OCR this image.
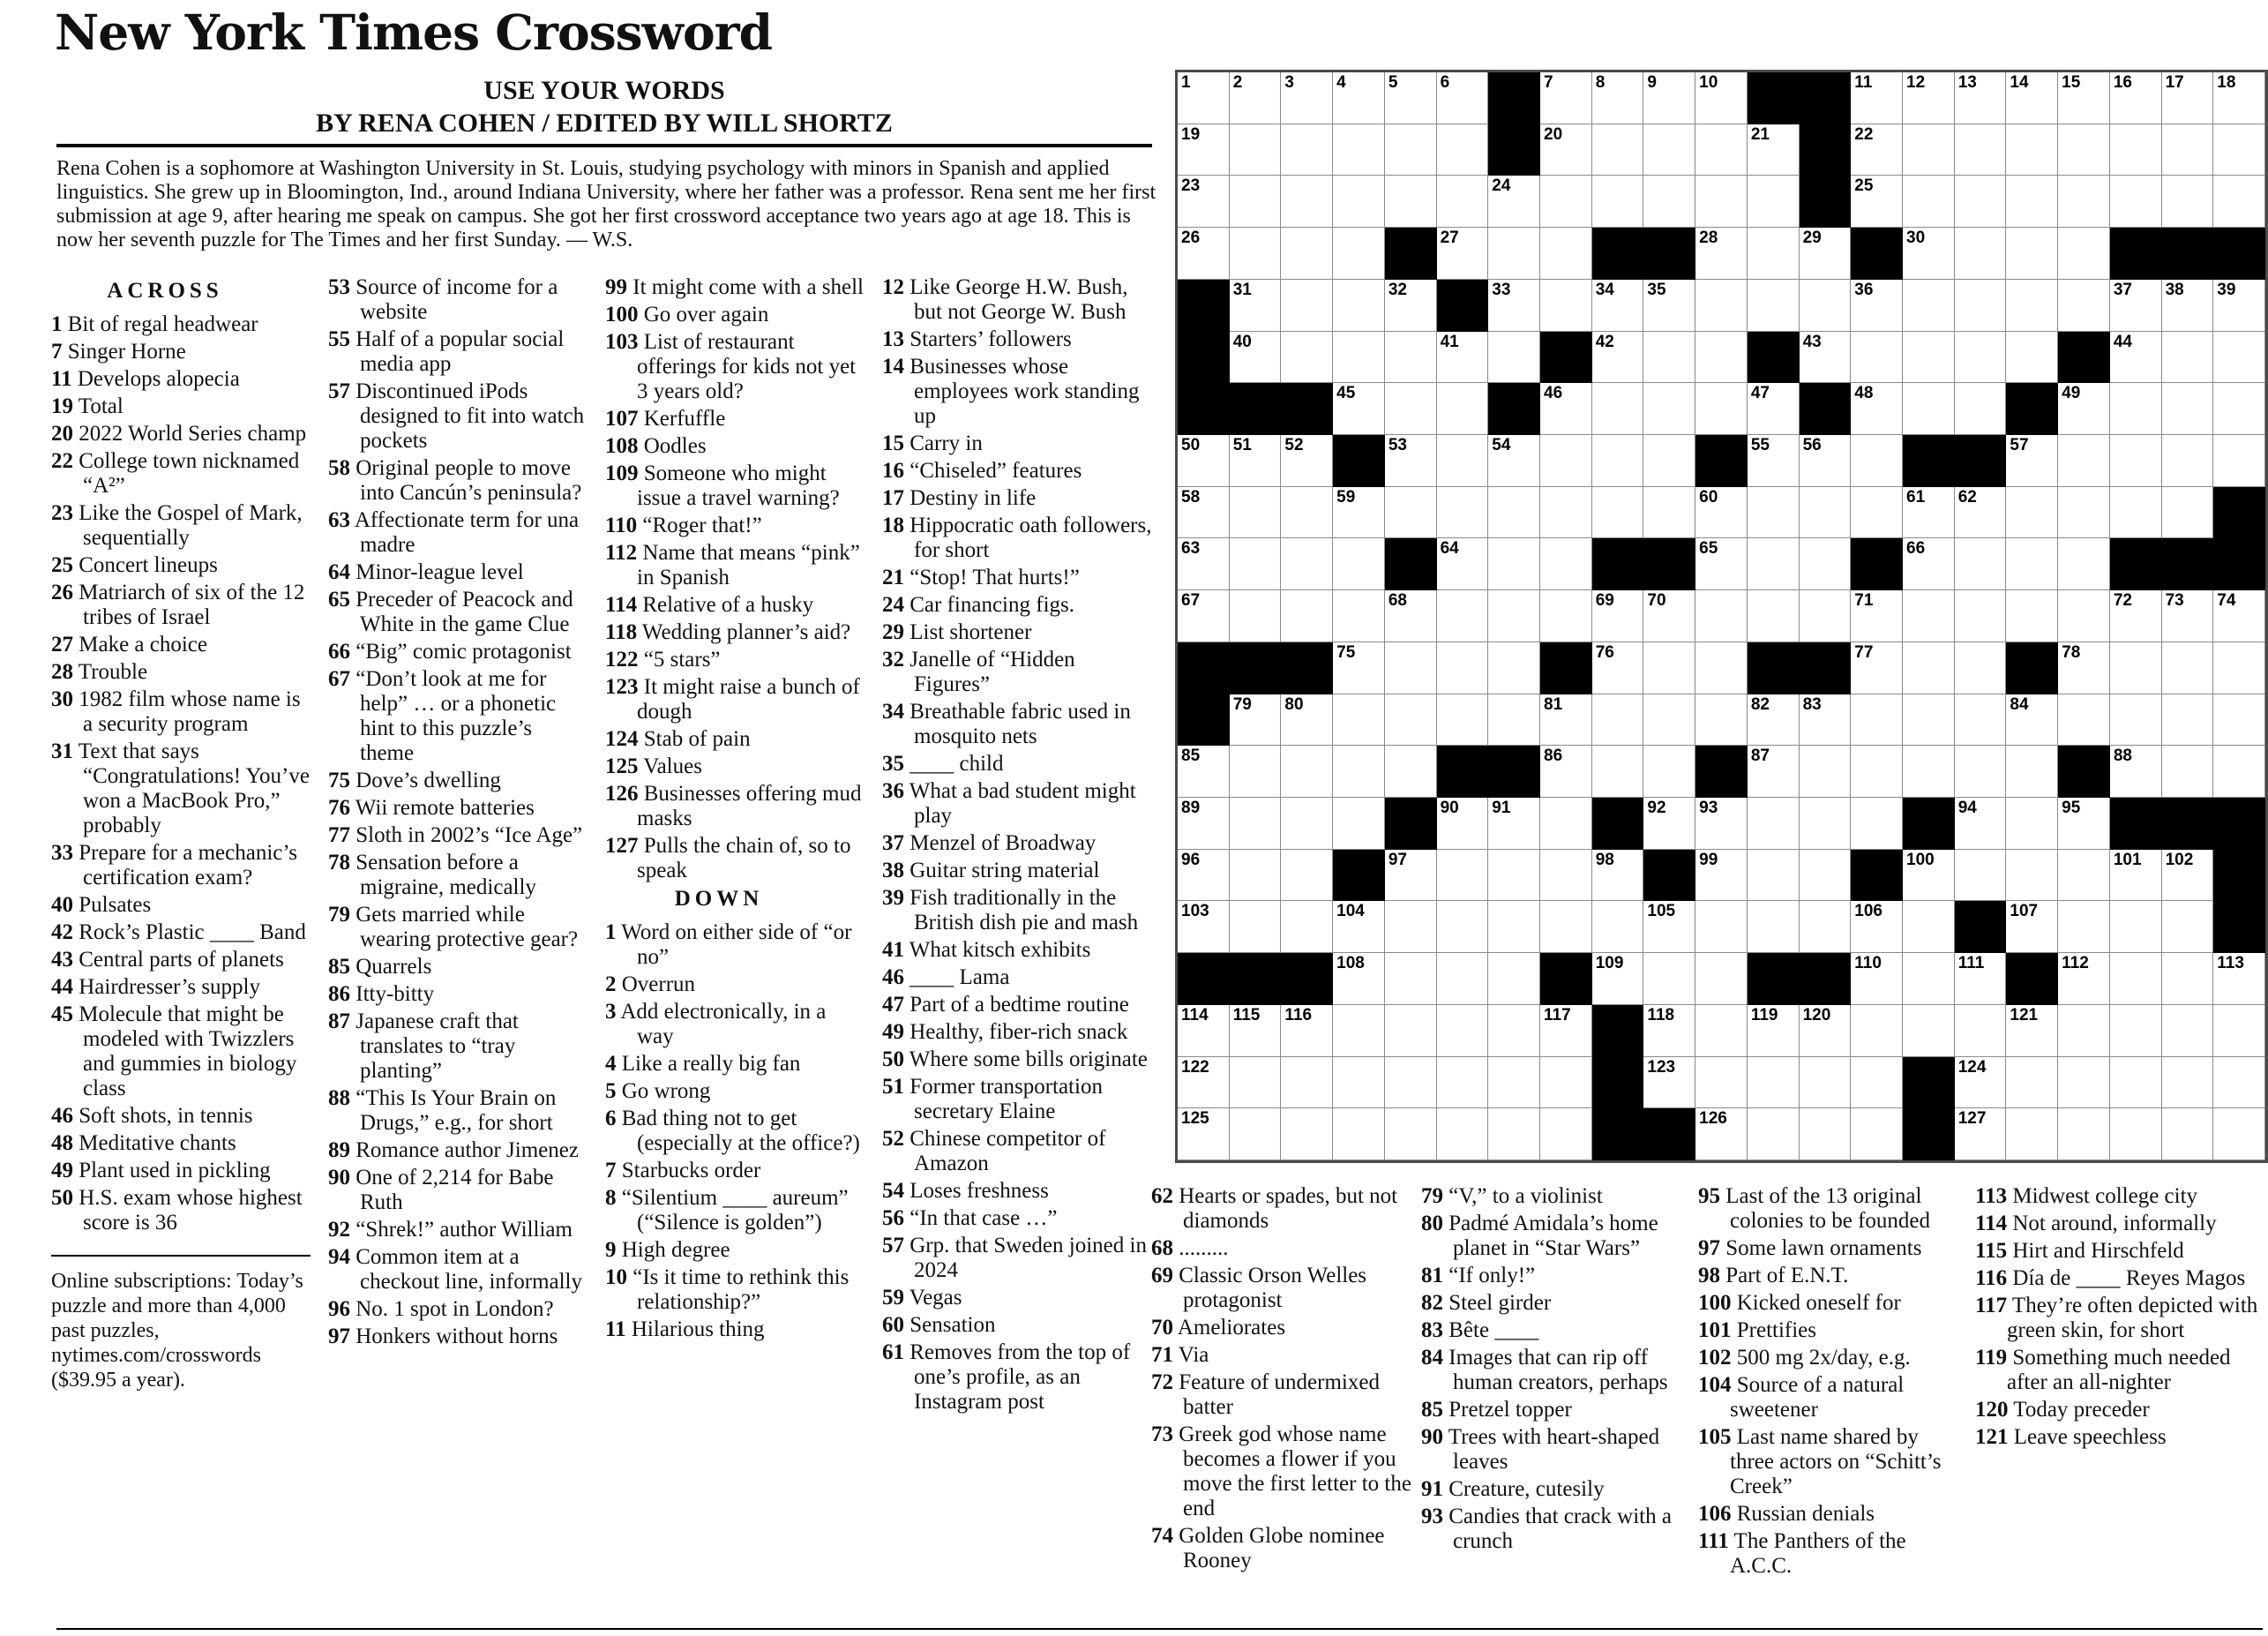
New York Times Crossword
USE YOUR WORDS
BY RENA COHEN / EDITED BY WILL SHORTZ
Rena Cohen is a sophomore at Washington University in St. Louis, studying psychology with minors in Spanish and applied linguistics. She grew up in Bloomington, Ind., around Indiana University, where her father was a professor. Rena sent me her first submission at age 9, after hearing me speak on campus. She got her first crossword acceptance two years ago at age 18. This is now her seventh puzzle for The Times and her first Sunday. — W.S.
ACROSS
1 Bit of regal headwear
7 Singer Horne
11 Develops alopecia
19 Total
20 2022 World Series champ
22 College town nicknamed “A²”
23 Like the Gospel of Mark, sequentially
25 Concert lineups
26 Matriarch of six of the 12 tribes of Israel
27 Make a choice
28 Trouble
30 1982 film whose name is a security program
31 Text that says “Congratulations! You’ve won a MacBook Pro,” probably
33 Prepare for a mechanic’s certification exam?
40 Pulsates
42 Rock’s Plastic ____ Band
43 Central parts of planets
44 Hairdresser’s supply
45 Molecule that might be modeled with Twizzlers and gummies in biology class
46 Soft shots, in tennis
48 Meditative chants
49 Plant used in pickling
50 H.S. exam whose highest score is 36
Online subscriptions: Today’s puzzle and more than 4,000 past puzzles, nytimes.com/crosswords ($39.95 a year).
53 Source of income for a website
55 Half of a popular social media app
57 Discontinued iPods designed to fit into watch pockets
58 Original people to move into Cancún’s peninsula?
63 Affectionate term for una madre
64 Minor-league level
65 Preceder of Peacock and White in the game Clue
66 “Big” comic protagonist
67 “Don’t look at me for help” … or a phonetic hint to this puzzle’s theme
75 Dove’s dwelling
76 Wii remote batteries
77 Sloth in 2002’s “Ice Age”
78 Sensation before a migraine, medically
79 Gets married while wearing protective gear?
85 Quarrels
86 Itty-bitty
87 Japanese craft that translates to “tray planting”
88 “This Is Your Brain on Drugs,” e.g., for short
89 Romance author Jimenez
90 One of 2,214 for Babe Ruth
92 “Shrek!” author William
94 Common item at a checkout line, informally
96 No. 1 spot in London?
97 Honkers without horns
99 It might come with a shell
100 Go over again
103 List of restaurant offerings for kids not yet 3 years old?
107 Kerfuffle
108 Oodles
109 Someone who might issue a travel warning?
110 “Roger that!”
112 Name that means “pink” in Spanish
114 Relative of a husky
118 Wedding planner’s aid?
122 “5 stars”
123 It might raise a bunch of dough
124 Stab of pain
125 Values
126 Businesses offering mud masks
127 Pulls the chain of, so to speak
DOWN
1 Word on either side of “or no”
2 Overrun
3 Add electronically, in a way
4 Like a really big fan
5 Go wrong
6 Bad thing not to get (especially at the office?)
7 Starbucks order
8 “Silentium ____ aureum” (“Silence is golden”)
9 High degree
10 “Is it time to rethink this relationship?”
11 Hilarious thing
12 Like George H.W. Bush, but not George W. Bush
13 Starters’ followers
14 Businesses whose employees work standing up
15 Carry in
16 “Chiseled” features
17 Destiny in life
18 Hippocratic oath followers, for short
21 “Stop! That hurts!”
24 Car financing figs.
29 List shortener
32 Janelle of “Hidden Figures”
34 Breathable fabric used in mosquito nets
35 ____ child
36 What a bad student might play
37 Menzel of Broadway
38 Guitar string material
39 Fish traditionally in the British dish pie and mash
41 What kitsch exhibits
46 ____ Lama
47 Part of a bedtime routine
49 Healthy, fiber-rich snack
50 Where some bills originate
51 Former transportation secretary Elaine
52 Chinese competitor of Amazon
54 Loses freshness
56 “In that case …”
57 Grp. that Sweden joined in 2024
59 Vegas
60 Sensation
61 Removes from the top of one’s profile, as an Instagram post
1	2	3	4	5	6	7	8	9	10	11 12 13 14 15 16 17 18
19	20	21	22
23	24	25
26	27	28	29	30
31	32	33	34 35	36	37 38 39
40	41	42	43	44
45	46	47	48	49
50 51 52	53	54	55 56	57
58	59	60	61 62
63	64	65	66
67	68	69 70	71	72 73 74
75	76	77	78
79 80	81	82 83	84
85	86	87	88
89	90 91	92 93	94	95
96	97	98	99	100	101 102
103	104	105	106	107
108	109	110	111	112	113
114 115 116	117	118	119 120	121
122	123	124
125	126	127
62 Hearts or spades, but not diamonds
68 .........
69 Classic Orson Welles protagonist
70 Ameliorates
71 Via
72 Feature of undermixed batter
73 Greek god whose name becomes a flower if you move the first letter to the end
74 Golden Globe nominee Rooney
79 “V,” to a violinist
80 Padmé Amidala’s home planet in “Star Wars”
81 “If only!”
82 Steel girder
83 Bête ____
84 Images that can rip off human creators, perhaps
85 Pretzel topper
90 Trees with heart-shaped leaves
91 Creature, cutesily
93 Candies that crack with a crunch
95 Last of the 13 original colonies to be founded
97 Some lawn ornaments
98 Part of E.N.T.
100 Kicked oneself for
101 Prettifies
102 500 mg 2x/day, e.g.
104 Source of a natural sweetener
105 Last name shared by three actors on “Schitt’s Creek”
106 Russian denials
111 The Panthers of the A.C.C.
113 Midwest college city
114 Not around, informally
115 Hirt and Hirschfeld
116 Día de ____ Reyes Magos
117 They’re often depicted with green skin, for short
119 Something much needed after an all-nighter
120 Today preceder
121 Leave speechless
